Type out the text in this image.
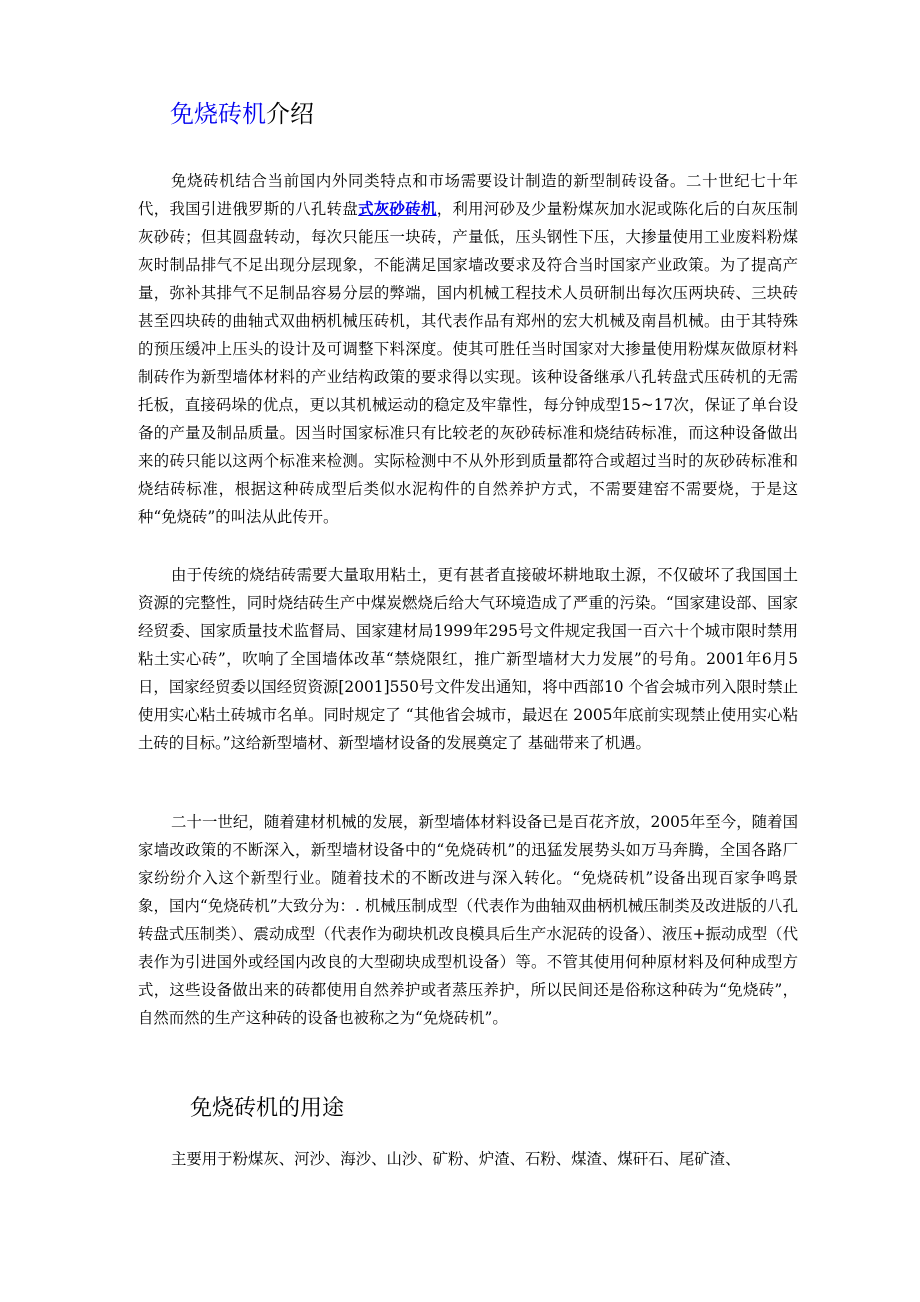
免烧砖机介绍

免烧砖机结合当前国内外同类特点和市场需要设计制造的新型制砖设备。二十世纪七十年代，我国引进俄罗斯的八孔转盘式灰砂砖机，利用河砂及少量粉煤灰加水泥或陈化后的白灰压制灰砂砖；但其圆盘转动，每次只能压一块砖，产量低，压头钢性下压，大掺量使用工业废料粉煤灰时制品排气不足出现分层现象，不能满足国家墙改要求及符合当时国家产业政策。为了提高产量，弥补其排气不足制品容易分层的弊端，国内机械工程技术人员研制出每次压两块砖、三块砖甚至四块砖的曲轴式双曲柄机械压砖机，其代表作品有郑州的宏大机械及南昌机械。由于其特殊的预压缓冲上压头的设计及可调整下料深度。使其可胜任当时国家对大掺量使用粉煤灰做原材料制砖作为新型墙体材料的产业结构政策的要求得以实现。该种设备继承八孔转盘式压砖机的无需托板，直接码垛的优点，更以其机械运动的稳定及牢靠性，每分钟成型15~17次，保证了单台设备的产量及制品质量。因当时国家标准只有比较老的灰砂砖标准和烧结砖标准，而这种设备做出来的砖只能以这两个标准来检测。实际检测中不从外形到质量都符合或超过当时的灰砂砖标准和烧结砖标准，根据这种砖成型后类似水泥构件的自然养护方式，不需要建窑不需要烧，于是这种“免烧砖”的叫法从此传开。

由于传统的烧结砖需要大量取用粘土，更有甚者直接破坏耕地取土源，不仅破坏了我国国土资源的完整性，同时烧结砖生产中煤炭燃烧后给大气环境造成了严重的污染。“国家建设部、国家经贸委、国家质量技术监督局、国家建材局1999年295号文件规定我国一百六十个城市限时禁用粘土实心砖”，吹响了全国墙体改革“禁烧限红，推广新型墙材大力发展”的号角。2001年6月5日，国家经贸委以国经贸资源[2001]550号文件发出通知，将中西部10 个省会城市列入限时禁止使用实心粘土砖城市名单。同时规定了 “其他省会城市，最迟在 2005年底前实现禁止使用实心粘土砖的目标。”这给新型墙材、新型墙材设备的发展奠定了 基础带来了机遇。

二十一世纪，随着建材机械的发展，新型墙体材料设备已是百花齐放，2005年至今，随着国家墙改政策的不断深入，新型墙材设备中的“免烧砖机”的迅猛发展势头如万马奔腾，全国各路厂家纷纷介入这个新型行业。随着技术的不断改进与深入转化。“免烧砖机”设备出现百家争鸣景象，国内“免烧砖机”大致分为：. 机械压制成型（代表作为曲轴双曲柄机械压制类及改进版的八孔转盘式压制类）、震动成型（代表作为砌块机改良模具后生产水泥砖的设备）、液压+振动成型（代表作为引进国外或经国内改良的大型砌块成型机设备）等。不管其使用何种原材料及何种成型方式，这些设备做出来的砖都使用自然养护或者蒸压养护，所以民间还是俗称这种砖为“免烧砖”，自然而然的生产这种砖的设备也被称之为“免烧砖机”。

免烧砖机的用途

主要用于粉煤灰、河沙、海沙、山沙、矿粉、炉渣、石粉、煤渣、煤矸石、尾矿渣、
